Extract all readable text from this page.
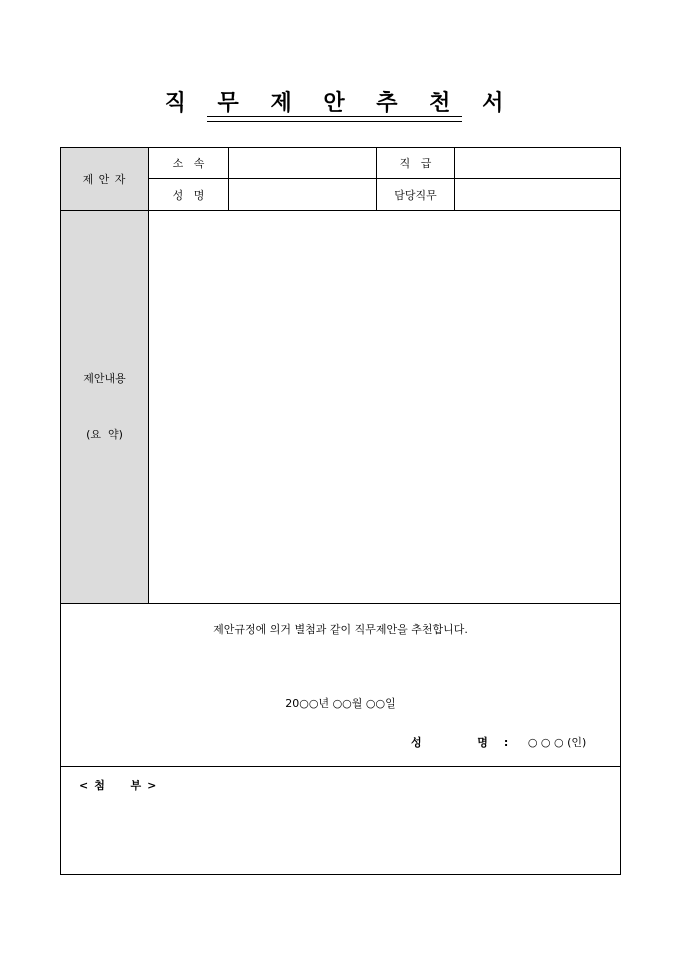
직 무 제 안 추 천 서
제 안 자	소   속		직   급	
	성   명		담당직무	

제안내용
(요  약)				

제안규정에 의거 별첨과 같이 직무제안을 추천합니다.
20○○년 ○○월 ○○일
성  명: ○ ○ ○ (인)				

<첨  부>				
